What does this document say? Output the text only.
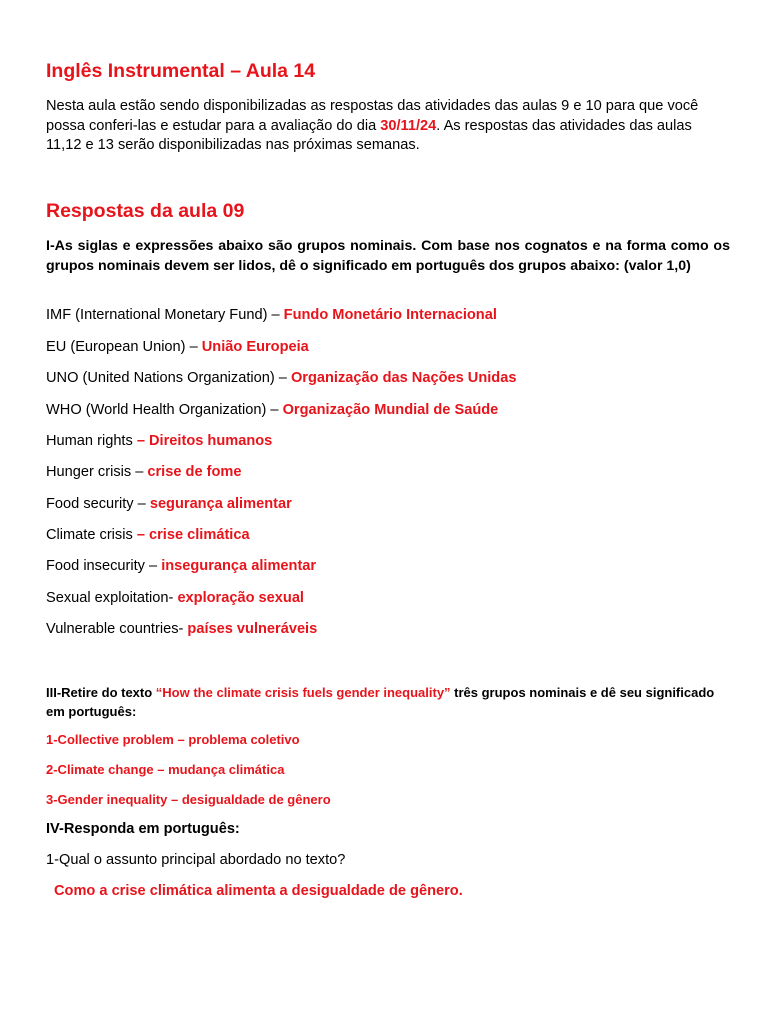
Inglês Instrumental – Aula 14

Nesta aula estão sendo disponibilizadas as respostas das atividades das aulas 9 e 10 para que você possa conferi-las e estudar para a avaliação do dia 30/11/24. As respostas das atividades das aulas 11,12 e 13 serão disponibilizadas nas próximas semanas.

Respostas da aula 09

I-As siglas e expressões abaixo são grupos nominais. Com base nos cognatos e na forma como os grupos nominais devem ser lidos, dê o significado em português dos grupos abaixo: (valor 1,0)

IMF (International Monetary Fund) – Fundo Monetário Internacional

EU (European Union) – União Europeia

UNO (United Nations Organization) – Organização das Nações Unidas

WHO (World Health Organization) – Organização Mundial de Saúde

Human rights – Direitos humanos

Hunger crisis – crise de fome

Food security – segurança alimentar

Climate crisis – crise climática

Food insecurity – insegurança alimentar

Sexual exploitation- exploração sexual

Vulnerable countries- países vulneráveis

III-Retire do texto “How the climate crisis fuels gender inequality” três grupos nominais e dê seu significado em português:

1-Collective problem – problema coletivo

2-Climate change – mudança climática

3-Gender inequality – desigualdade de gênero

IV-Responda em português:

1-Qual o assunto principal abordado no texto?

Como a crise climática alimenta a desigualdade de gênero.
